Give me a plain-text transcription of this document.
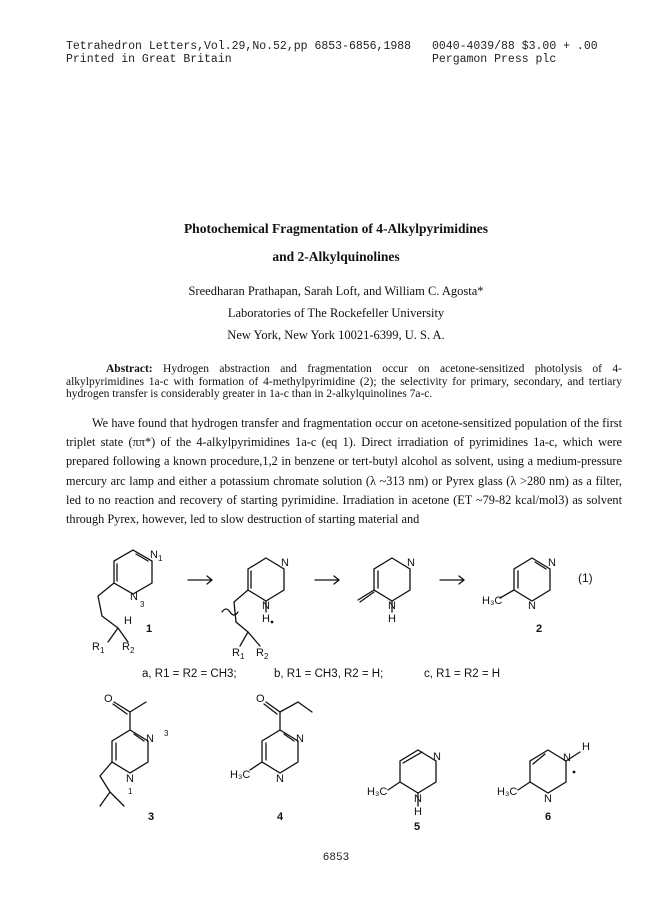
Tetrahedron Letters,Vol.29,No.52,pp 6853-6856,1988
Printed in Great Britain
0040-4039/88 $3.00 + .00
Pergamon Press plc
Photochemical Fragmentation of 4-Alkylpyrimidines
and 2-Alkylquinolines
Sreedharan Prathapan, Sarah Loft, and William C. Agosta*
Laboratories of The Rockefeller University
New York, New York 10021-6399, U. S. A.
Abstract: Hydrogen abstraction and fragmentation occur on acetone-sensitized photolysis of 4-alkylpyrimidines 1a-c with formation of 4-methylpyrimidine (2); the selectivity for primary, secondary, and tertiary hydrogen transfer is considerably greater in 1a-c than in 2-alkylquinolines 7a-c.

We have found that hydrogen transfer and fragmentation occur on acetone-sensitized population of the first triplet state (ππ*) of the 4-alkylpyrimidines 1a-c (eq 1). Direct irradiation of pyrimidines 1a-c, which were prepared following a known procedure,1,2 in benzene or tert-butyl alcohol as solvent, using a medium-pressure mercury arc lamp and either a potassium chromate solution (λ ~313 nm) or Pyrex glass (λ >280 nm) as a filter, led to no reaction and recovery of starting pyrimidine. Irradiation in acetone (ET ~79-82 kcal/mol3) as solvent through Pyrex, however, led to slow destruction of starting material and

N 1
N
3
H
R 1 R 2
N
N
H
R 1 R 2
N
N
H
N
N
H₃C
(1)
1	2
a, R1 = R2 = CH3;	b, R1 = CH3, R2 = H;	c, R1 = R2 = H
O
N 3
N
1
O
N
N
H₃C
N
N
H
H₃C
N
H
N
H₃C
3	4
5
6
6853
